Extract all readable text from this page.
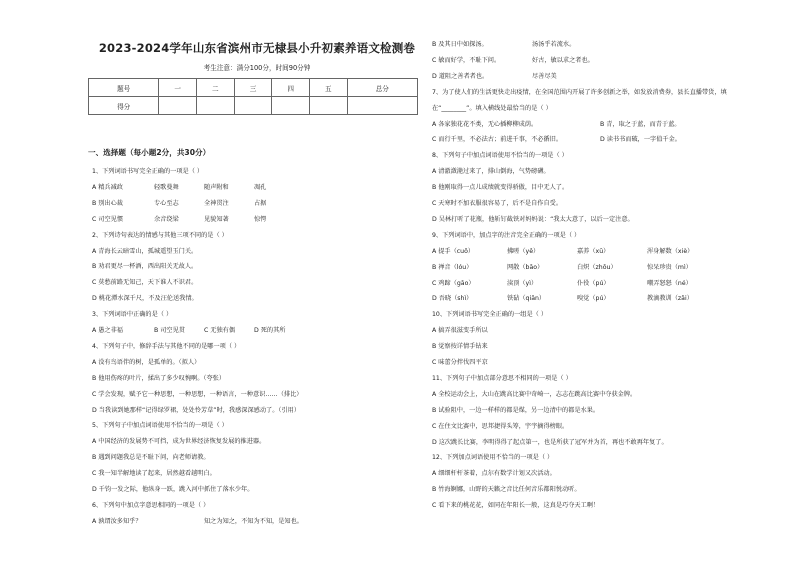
2023-2024学年山东省滨州市无棣县小升初素养语文检测卷
考生注意：满分100分，时间90分钟
题号	一	二	三	四	五	总分
得分						
一、选择题（每小题2分，共30分）
1、下列词语书写完全正确的一项是（ ）
A 精兵减政	轻歌曼舞	随声附和	凋孔
B 别出心裁	专心至志	全神贯注	占据
C 司空见惯	余音绕梁	见貌知著	惊愕
2、下列诗句表达的情感与其他三项不同的是（ ）
A 青海长云暗雪山，孤城遥望玉门关。
B 劝君更尽一杯酒，西出阳关无故人。
C 莫愁前路无知己，天下谁人不识君。
D 桃花潭水深千尺，不及汪伦送我情。
3、下列词语中正确的是（ ）
A 愚之非福	B 司空见贯	C 无独有偶	D 死的其所
4、下列句子中，修辞手法与其他不同的是哪一项（ ）
A 没有鸟语伴的树，是孤单的。（拟人）
B 他用伤疼的叶片，揉出了多少叹惋啊。（夸张）
C 学会发现，赋予它一种思想，一种思想，一种语言，一种意识……（排比）
D 当我读到她那样“记得绿罗裙，处处怜芳草”时，我感深深感动了。（引用）
5、下列句子中加点词语使用不恰当的一项是（ ）
A 中国经济的发展势不可挡，成为世界经济恢复发展的推进器。
B 遇到问题我总是不耻下问，向老师请教。
C 我一知半解地读了起来，居然越看越明白。
D 千钧一发之际，他纵身一跃，跳入河中抓住了落水少年。
6、下列句中加点字意思相同的一项是（ ）
A 孰谓汝多知乎？	知之为知之，不知为不知，是知也。
B 及其日中如探汤。	汤汤乎若流水。
C 敏而好学，不耻下问。	好古，敏以求之者也。
D 道阻之善者者也。	尽善尽美
7、为了使人们的生活更快走出疫情，在全国范围内开展了许多创新之举，如发放消费券，县长直播带货，填
在“________”。填入横线处最恰当的是（ ）
A 各家独花花不类，无心插柳柳成荫。	B 青，取之于蓝，而青于蓝。
C 而行千里，不必法古；前进千事，不必循旧。	D 读书书而破，一字值千金。
8、下列句子中加点词语使用不恰当的一项是（ ）
A 清澈潋滟过来了，排山倒海，气势磅礴。
B 他刚取得一点儿成绩就变得骄傲，目中无人了。
C 天寒时不加衣服很容易了，后不是自作自受。
D 吴林打听了花瓶，他斩钉截铁对妈妈说：“我太大意了，以后一定注意。
9、下列词语中，加点字的注音完全正确的一项是（ ）
A 提手（cuō）	拂嗟（yě）	嘉养（xū）	浑身解数（xiè）
B 禅音（lóu）	网散（bāo）	白炽（zhōu）	惊呆珍贵（mì）
C 鸡蹄（gāo）	渎顶（yì）	仆役（pú）	嘲弄怒怒（né）
D 吾晓（shì）	铁砧（qiān）	嗅觉（pú）	教滴教训（zāi）
10、下列词语书写完全正确的一组是（ ）
A 搞弄很滋变手所以
B 觉察按详情手钻来
C 味蕾分拌伐四平京
11、下列句子中加点部分意思不相同的一项是（ ）
A 全校运动会上，大山在跳高比赛中奇崎一，志志在跳高比赛中夺获金牌。
B 试验阻中，一边一样样的都是煤，另一边清中的都是水果。
C 在住文比赛中，思邦捷得头筹，宇宇摘得榜眼。
D 这次跳长比赛，李明得得了起点第一，也是所获了冠军并为首，再也不敢再年复了。
12、下列加点词语使用不恰当的一项是（ ）
A 细细杆杆茶着，点尔有数学计划又次活动。
B 竹海婀娜，山野的天籁之音比任何音乐都阳悦动听。
C 看下来的桃花花，如同在年阳长一般，这真是巧夺天工啊！
